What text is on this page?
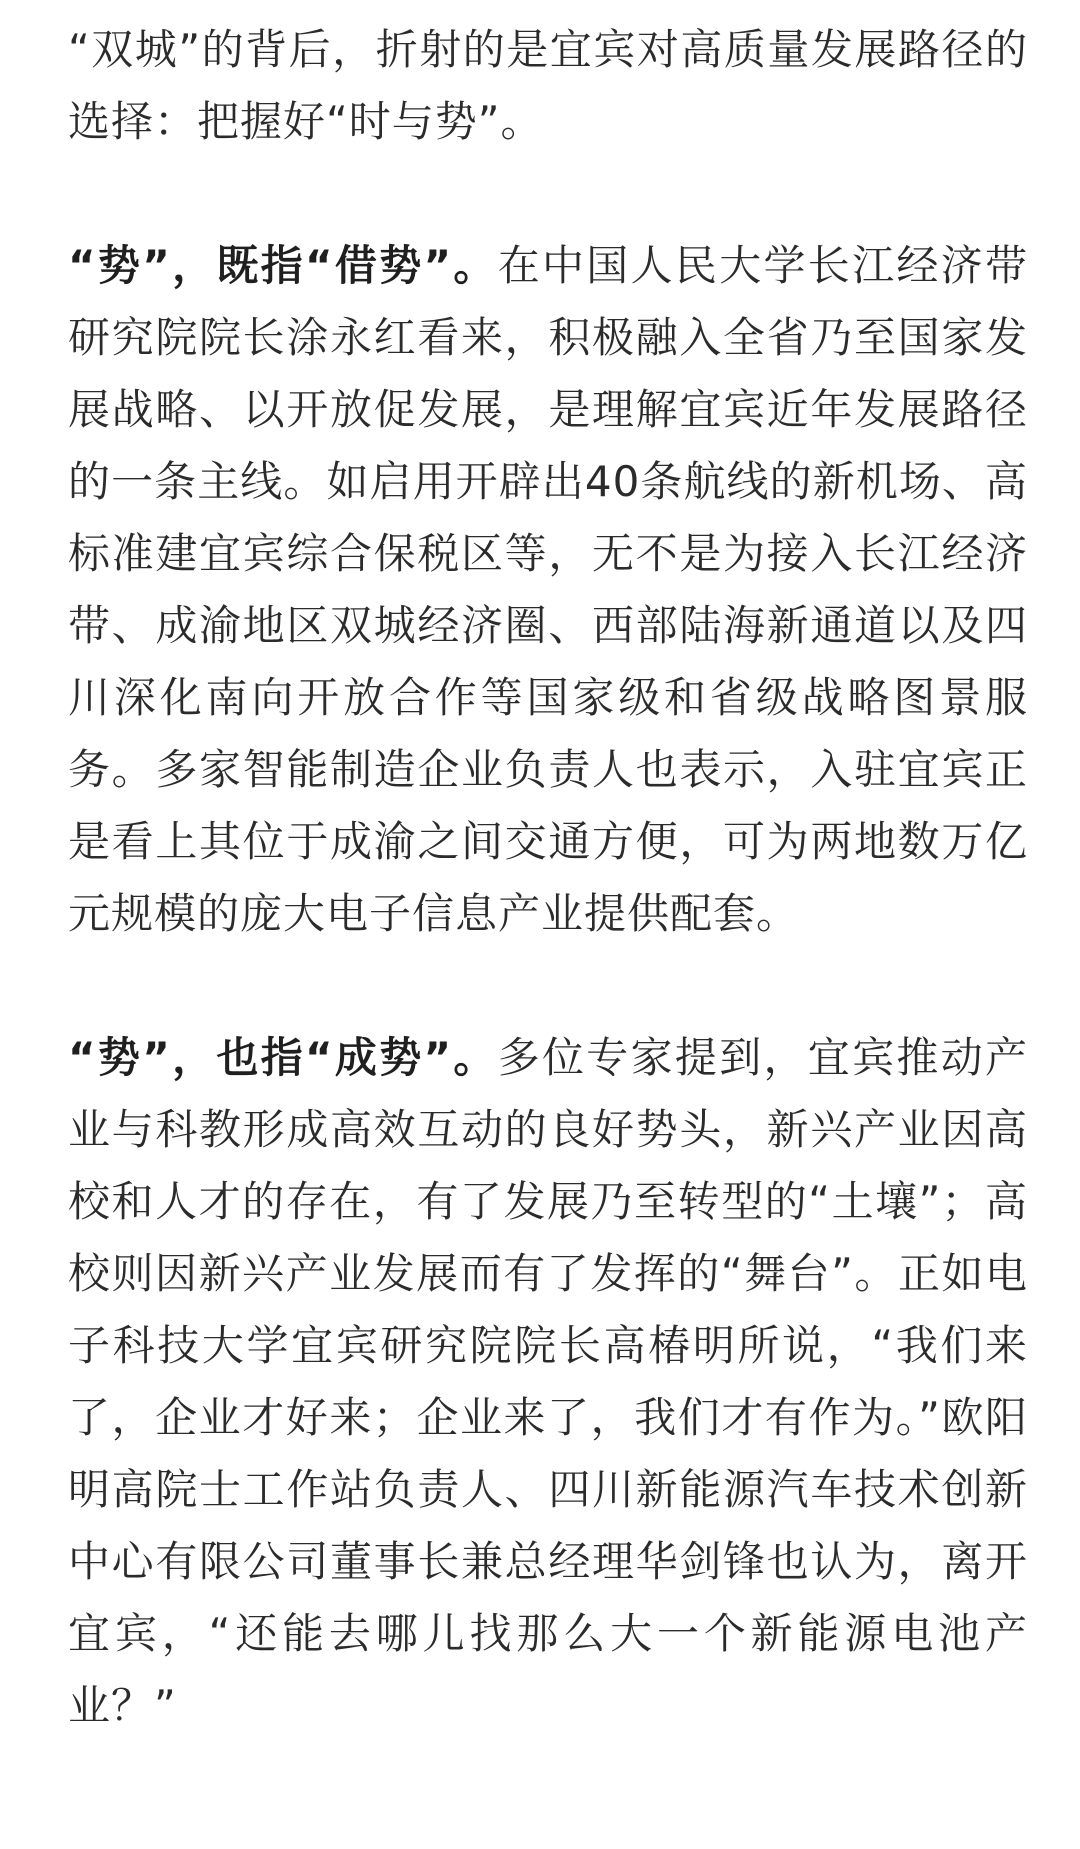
“双城”的背后，折射的是宜宾对高质量发展路径的选择：把握好“时与势”。

“势”，既指“借势”。在中国人民大学长江经济带研究院院长涂永红看来，积极融入全省乃至国家发展战略、以开放促发展，是理解宜宾近年发展路径的一条主线。如启用开辟出40条航线的新机场、高标准建宜宾综合保税区等，无不是为接入长江经济带、成渝地区双城经济圈、西部陆海新通道以及四川深化南向开放合作等国家级和省级战略图景服务。多家智能制造企业负责人也表示，入驻宜宾正是看上其位于成渝之间交通方便，可为两地数万亿元规模的庞大电子信息产业提供配套。

“势”，也指“成势”。多位专家提到，宜宾推动产业与科教形成高效互动的良好势头，新兴产业因高校和人才的存在，有了发展乃至转型的“土壤”；高校则因新兴产业发展而有了发挥的“舞台”。正如电子科技大学宜宾研究院院长高椿明所说，“我们来了，企业才好来；企业来了，我们才有作为。”欧阳明高院士工作站负责人、四川新能源汽车技术创新中心有限公司董事长兼总经理华剑锋也认为，离开宜宾，“还能去哪儿找那么大一个新能源电池产业？”
